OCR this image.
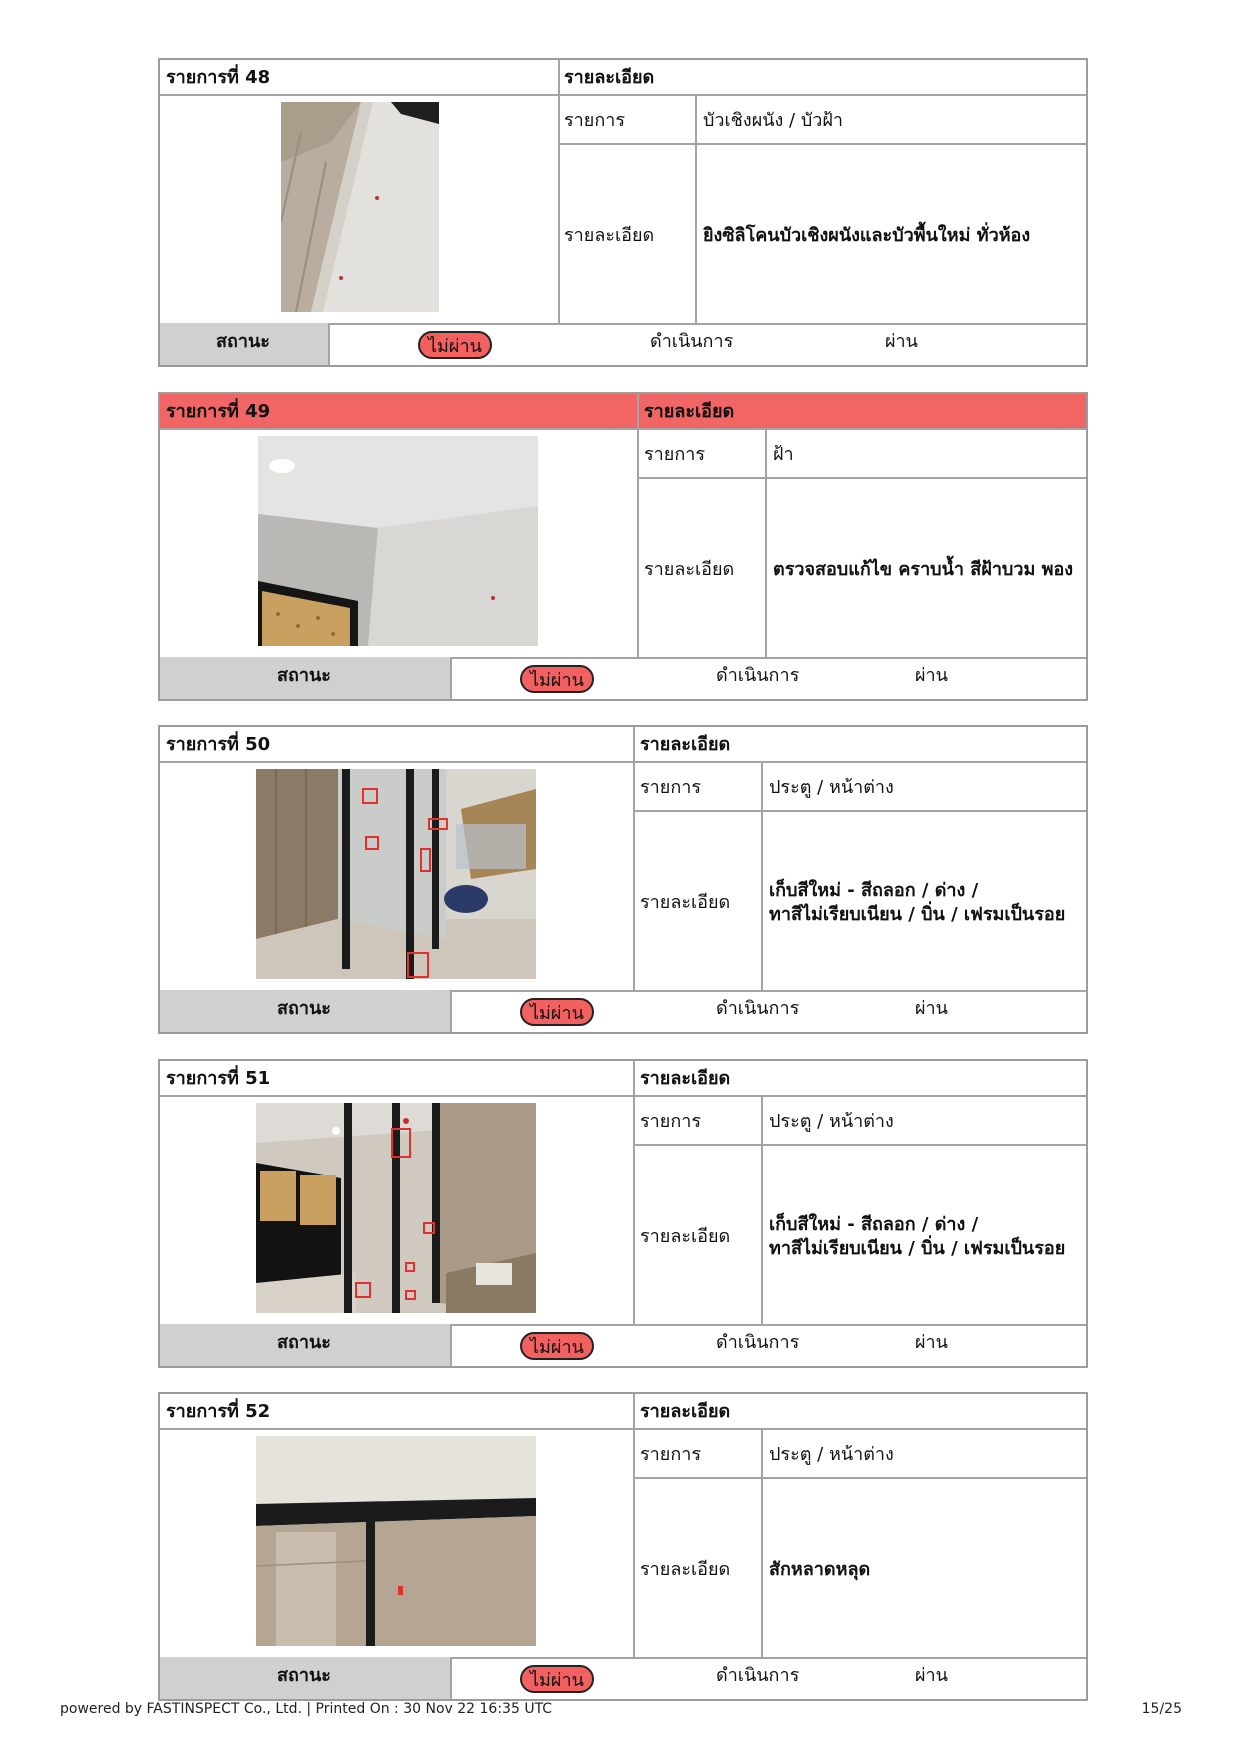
รายการที่ 48	รายละเอียด
รายการ	บัวเชิงผนัง / บัวฝ้า
รายละเอียด	ยิงซิลิโคนบัวเชิงผนังและบัวพื้นใหม่ ทั่วห้อง
สถานะ	ไม่ผ่าน	ดำเนินการ	ผ่าน
รายการที่ 49	รายละเอียด
รายการ	ฝ้า
รายละเอียด ตรวจสอบแก้ไข คราบน้ำ สีฝ้าบวม พอง
สถานะ	ไม่ผ่าน	ดำเนินการ	ผ่าน
รายการที่ 50	รายละเอียด
รายการ	ประตู / หน้าต่าง
รายละเอียด
เก็บสีใหม่ - สีถลอก / ด่าง /
ทาสีไม่เรียบเนียน / บิ่น / เฟรมเป็นรอย
สถานะ	ไม่ผ่าน	ดำเนินการ	ผ่าน
รายการที่ 51	รายละเอียด
รายการ	ประตู / หน้าต่าง
รายละเอียด
เก็บสีใหม่ - สีถลอก / ด่าง /
ทาสีไม่เรียบเนียน / บิ่น / เฟรมเป็นรอย
สถานะ	ไม่ผ่าน	ดำเนินการ	ผ่าน
รายการที่ 52	รายละเอียด
รายการ	ประตู / หน้าต่าง
รายละเอียด สักหลาดหลุด
สถานะ	ไม่ผ่าน	ดำเนินการ	ผ่าน
powered by FASTINSPECT Co., Ltd. | Printed On : 30 Nov 22 16:35 UTC	15/25
